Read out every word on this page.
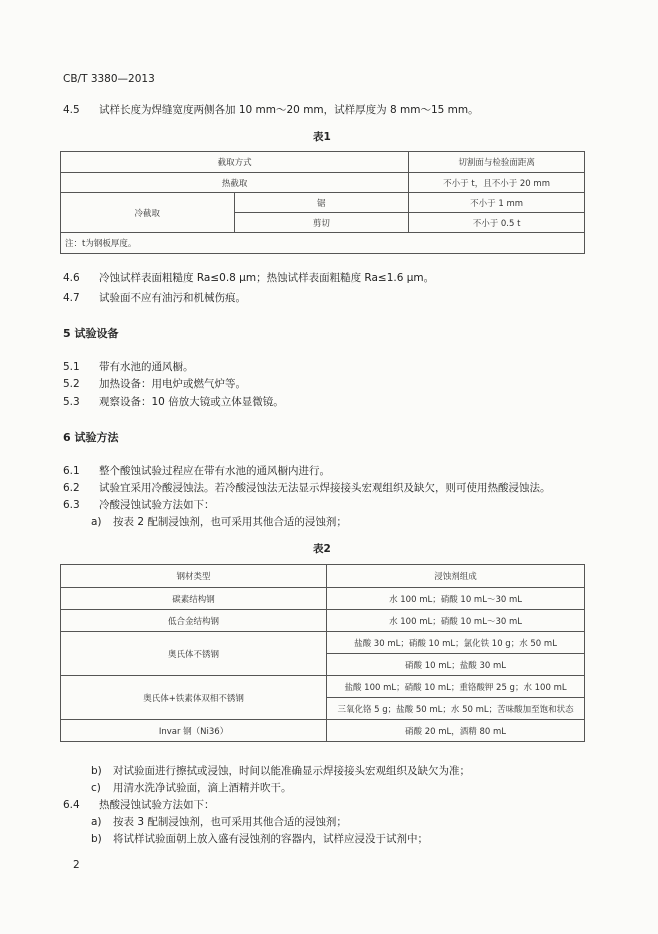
CB/T 3380—2013
4.5 试样长度为焊缝宽度两侧各加 10 mm～20 mm，试样厚度为 8 mm～15 mm。
表1
截取方式		切割面与检验面距离
热截取		不小于 t，且不小于 20 mm
冷截取	锯	不小于 1 mm
	剪切	不小于 0.5 t
注：t为钢板厚度。		
4.6 冷蚀试样表面粗糙度 Ra≤0.8 μm；热蚀试样表面粗糙度 Ra≤1.6 μm。
4.7 试验面不应有油污和机械伤痕。
5 试验设备
5.1 带有水池的通风橱。
5.2 加热设备：用电炉或燃气炉等。
5.3 观察设备：10 倍放大镜或立体显微镜。
6 试验方法
6.1 整个酸蚀试验过程应在带有水池的通风橱内进行。
6.2 试验宜采用冷酸浸蚀法。若冷酸浸蚀法无法显示焊接接头宏观组织及缺欠，则可使用热酸浸蚀法。
6.3 冷酸浸蚀试验方法如下：
a) 按表 2 配制浸蚀剂，也可采用其他合适的浸蚀剂；
表2
钢材类型	浸蚀剂组成
碳素结构钢	水 100 mL；硝酸 10 mL～30 mL
低合金结构钢	水 100 mL；硝酸 10 mL～30 mL
奥氏体不锈钢	盐酸 30 mL；硝酸 10 mL；氯化铁 10 g；水 50 mL
	硝酸 10 mL；盐酸 30 mL
奥氏体+铁素体双相不锈钢	盐酸 100 mL；硝酸 10 mL；重铬酸钾 25 g；水 100 mL
	三氧化铬 5 g；盐酸 50 mL；水 50 mL；苦味酸加至饱和状态
Invar 钢（Ni36）	硝酸 20 mL，酒精 80 mL
b) 对试验面进行擦拭或浸蚀，时间以能准确显示焊接接头宏观组织及缺欠为准；
c) 用清水洗净试验面，滴上酒精并吹干。
6.4 热酸浸蚀试验方法如下：
a) 按表 3 配制浸蚀剂，也可采用其他合适的浸蚀剂；
b) 将试样试验面朝上放入盛有浸蚀剂的容器内，试样应浸没于试剂中；
2
